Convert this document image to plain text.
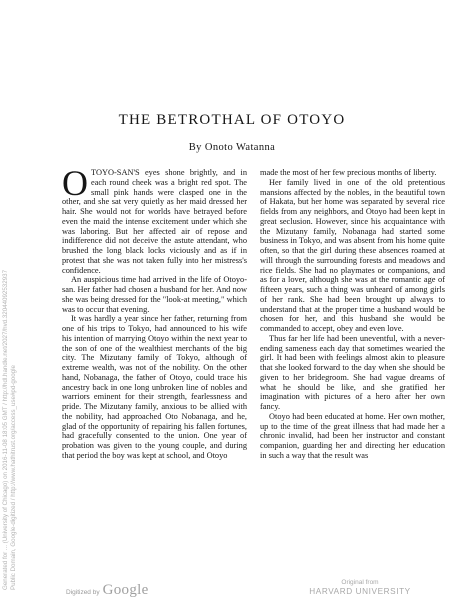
THE BETROTHAL OF OTOYO

By Onoto Watanna

OTOYO-SAN'S eyes shone brightly, and in each round cheek was a bright red spot. The small pink hands were clasped one in the other, and she sat very quietly as her maid dressed her hair. She would not for worlds have betrayed before even the maid the intense excitement under which she was laboring. But her affected air of repose and indifference did not deceive the astute attendant, who brushed the long black locks viciously and as if in protest that she was not taken fully into her mistress's confidence.

An auspicious time had arrived in the life of Otoyo-san. Her father had chosen a husband for her. And now she was being dressed for the "look-at meeting," which was to occur that evening.

It was hardly a year since her father, returning from one of his trips to Tokyo, had announced to his wife his intention of marrying Otoyo within the next year to the son of one of the wealthiest merchants of the big city. The Mizutany family of Tokyo, although of extreme wealth, was not of the nobility. On the other hand, Nobanaga, the father of Otoyo, could trace his ancestry back in one long unbroken line of nobles and warriors eminent for their strength, fearlessness and pride. The Mizutany family, anxious to be allied with the nobility, had approached Oto Nobanaga, and he, glad of the opportunity of repairing his fallen fortunes, had gracefully consented to the union. One year of probation was given to the young couple, and during that period the boy was kept at school, and Otoyo

made the most of her few precious months of liberty.

Her family lived in one of the old pretentious mansions affected by the nobles, in the beautiful town of Hakata, but her home was separated by several rice fields from any neighbors, and Otoyo had been kept in great seclusion. However, since his acquaintance with the Mizutany family, Nobanaga had started some business in Tokyo, and was absent from his home quite often, so that the girl during these absences roamed at will through the surrounding forests and meadows and rice fields. She had no playmates or companions, and as for a lover, although she was at the romantic age of fifteen years, such a thing was unheard of among girls of her rank. She had been brought up always to understand that at the proper time a husband would be chosen for her, and this husband she would be commanded to accept, obey and even love.

Thus far her life had been uneventful, with a never-ending sameness each day that sometimes wearied the girl. It had been with feelings almost akin to pleasure that she looked forward to the day when she should be given to her bridegroom. She had vague dreams of what he should be like, and she gratified her imagination with pictures of a hero after her own fancy.

Otoyo had been educated at home. Her own mother, up to the time of the great illness that had made her a chronic invalid, had been her instructor and constant companion, guarding her and directing her education in such a way that the result was

Generated for ... (University of Chicago) on 2016-11-08 18:05 GMT / http://hdl.handle.net/2027/hvd.32044092532937 Public Domain, Google-digitized / http://www.hathitrust.org/access_use#pd-google
Digitized by Google	Original from
HARVARD UNIVERSITY
